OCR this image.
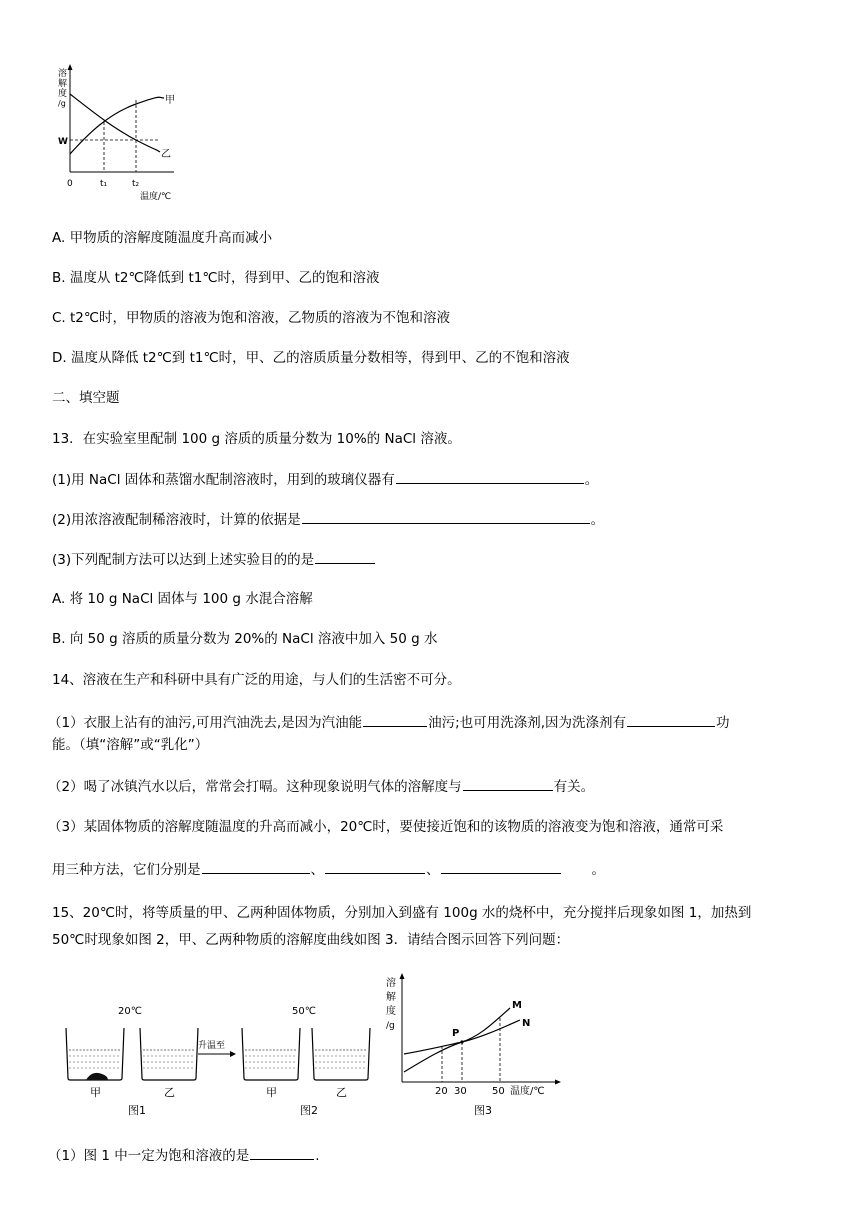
溶
解
度
/g	甲
乙
W
0	t₁	t₂
温度/℃
A. 甲物质的溶解度随温度升高而减小
B. 温度从 t2℃降低到 t1℃时，得到甲、乙的饱和溶液
C. t2℃时，甲物质的溶液为饱和溶液，乙物质的溶液为不饱和溶液
D. 温度从降低 t2℃到 t1℃时，甲、乙的溶质质量分数相等，得到甲、乙的不饱和溶液
二、填空题
13．在实验室里配制 100 g 溶质的质量分数为 10%的 NaCl 溶液。
(1)用 NaCl 固体和蒸馏水配制溶液时，用到的玻璃仪器有	。
(2)用浓溶液配制稀溶液时，计算的依据是	。
(3)下列配制方法可以达到上述实验目的的是
A. 将 10 g NaCl 固体与 100 g 水混合溶解
B. 向 50 g 溶质的质量分数为 20%的 NaCl 溶液中加入 50 g 水
14、溶液在生产和科研中具有广泛的用途，与人们的生活密不可分。
（1）衣服上沾有的油污,可用汽油洗去,是因为汽油能	油污;也可用洗涤剂,因为洗涤剂有	功
能。（填“溶解”或“乳化”）
（2）喝了冰镇汽水以后，常常会打嗝。这种现象说明气体的溶解度与	有关。
（3）某固体物质的溶解度随温度的升高而减小，20℃时，要使接近饱和的该物质的溶液变为饱和溶液，通常可采
用三种方法，它们分别是	、	、	。
15、20℃时，将等质量的甲、乙两种固体物质，分别加入到盛有 100g 水的烧杯中，充分搅拌后现象如图 1，加热到
50℃时现象如图 2，甲、乙两种物质的溶解度曲线如图 3．请结合图示回答下列问题：
20℃	50℃
升温至
甲	乙	甲	乙
图1	图2
溶
解
度
/g
P
M
N
20 30	50 温度/℃
图3
（1）图 1 中一定为饱和溶液的是	.
